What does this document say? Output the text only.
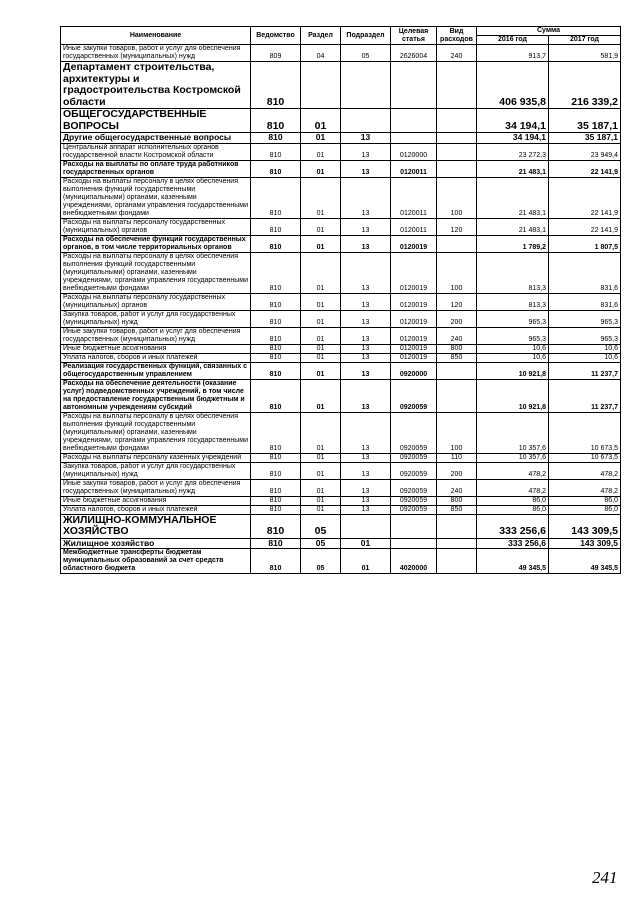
Наименование	Ведомство	Раздел	Подраздел	Целевая статья	Вид расходов	Сумма	
						2016 год	2017 год
Иные закупки товаров, работ и услуг для обеспечения государственных (муниципальных) нужд	809	04	05	2626004	240	913,7	581,9
Департамент строительства, архитектуры и градостроительства Костромской области	810					406 935,8	216 339,2
ОБЩЕГОСУДАРСТВЕННЫЕ ВОПРОСЫ	810	01				34 194,1	35 187,1
Другие общегосударственные вопросы	810	01	13			34 194,1	35 187,1
Центральный аппарат исполнительных органов государственной власти Костромской области	810	01	13	0120000		23 272,3	23 949,4
Расходы на выплаты по оплате труда работников государственных органов	810	01	13	0120011		21 483,1	22 141,9
Расходы на выплаты персоналу в целях обеспечения выполнения функций государственными (муниципальными) органами, казенными учреждениями, органами управления государственными внебюджетными фондами	810	01	13	0120011	100	21 483,1	22 141,9
Расходы на выплаты персоналу государственных (муниципальных) органов	810	01	13	0120011	120	21 483,1	22 141,9
Расходы на обеспечение функций государственных органов, в том числе территориальных органов	810	01	13	0120019		1 789,2	1 807,5
Расходы на выплаты персоналу в целях обеспечения выполнения функций государственными (муниципальными) органами, казенными учреждениями, органами управления государственными внебюджетными фондами	810	01	13	0120019	100	813,3	831,6
Расходы на выплаты персоналу государственных (муниципальных) органов	810	01	13	0120019	120	813,3	831,6
Закупка товаров, работ и услуг для государственных (муниципальных) нужд	810	01	13	0120019	200	965,3	965,3
Иные закупки товаров, работ и услуг для обеспечения государственных (муниципальных) нужд	810	01	13	0120019	240	965,3	965,3
Иные бюджетные ассигнования	810	01	13	0120019	800	10,6	10,6
Уплата налогов, сборов и иных платежей	810	01	13	0120019	850	10,6	10,6
Реализация государственных функций, связанных с общегосударственным управлением	810	01	13	0920000		10 921,8	11 237,7
Расходы на обеспечение деятельности (оказание услуг) подведомственных учреждений, в том числе на предоставление государственным бюджетным и автономным учреждениям субсидий	810	01	13	0920059		10 921,8	11 237,7
Расходы на выплаты персоналу в целях обеспечения выполнения функций государственными (муниципальными) органами, казенными учреждениями, органами управления государственными внебюджетными фондами	810	01	13	0920059	100	10 357,6	10 673,5
Расходы на выплаты персоналу казенных учреждений	810	01	13	0920059	110	10 357,6	10 673,5
Закупка товаров, работ и услуг для государственных (муниципальных) нужд	810	01	13	0920059	200	478,2	478,2
Иные закупки товаров, работ и услуг для обеспечения государственных (муниципальных) нужд	810	01	13	0920059	240	478,2	478,2
Иные бюджетные ассигнования	810	01	13	0920059	800	86,0	86,0
Уплата налогов, сборов и иных платежей	810	01	13	0920059	850	86,0	86,0
ЖИЛИЩНО-КОММУНАЛЬНОЕ ХОЗЯЙСТВО	810	05				333 256,6	143 309,5
Жилищное хозяйство	810	05	01			333 256,6	143 309,5
Межбюджетные трансферты бюджетам муниципальных образований за счет средств областного бюджета	810	05	01	4020000		49 345,5	49 345,5
241
